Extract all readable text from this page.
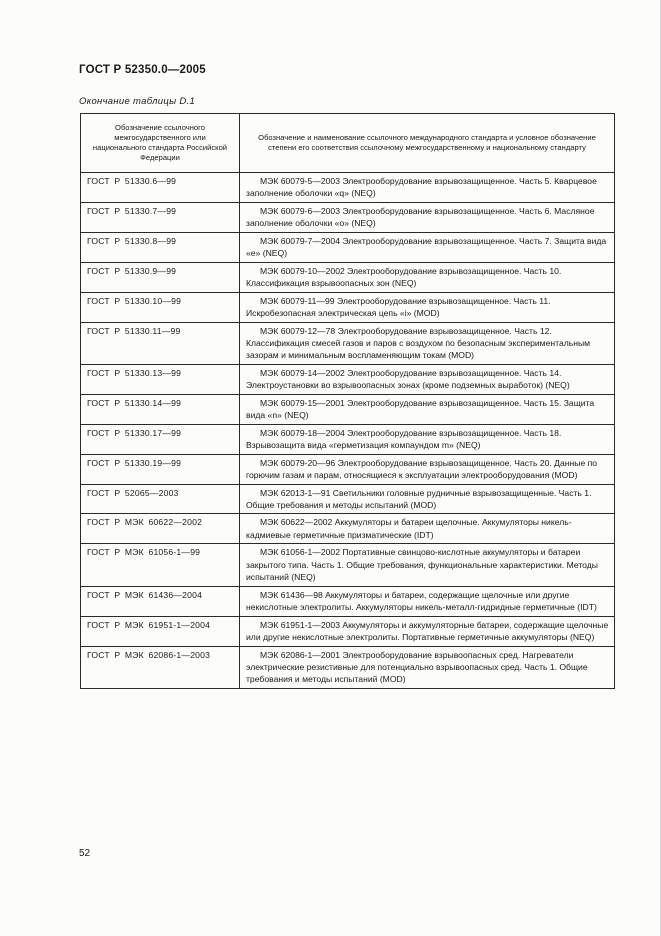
ГОСТ Р 52350.0—2005
Окончание таблицы D.1
Обозначение ссылочного межгосударственного или национального стандарта Российской Федерации	Обозначение и наименование ссылочного международного стандарта и условное обозначение степени его соответствия ссылочному межгосударственному и национальному стандарту
ГОСТ Р 51330.6—99	МЭК 60079-5—2003 Электрооборудование взрывозащищенное. Часть 5. Кварцевое заполнение оболочки «q» (NEQ)
ГОСТ Р 51330.7—99	МЭК 60079-6—2003 Электрооборудование взрывозащищенное. Часть 6. Масляное заполнение оболочки «о» (NEQ)
ГОСТ Р 51330.8—99	МЭК 60079-7—2004 Электрооборудование взрывозащищенное. Часть 7. Защита вида «е» (NEQ)
ГОСТ Р 51330.9—99	МЭК 60079-10—2002 Электрооборудование взрывозащищенное. Часть 10. Классификация взрывоопасных зон (NEQ)
ГОСТ Р 51330.10—99	МЭК 60079-11—99 Электрооборудование взрывозащищенное. Часть 11. Искробезопасная электрическая цепь «i» (MOD)
ГОСТ Р 51330.11—99	МЭК 60079-12—78 Электрооборудование взрывозащищенное. Часть 12. Классификация смесей газов и паров с воздухом по безопасным экспериментальным зазорам и минимальным воспламеняющим токам (MOD)
ГОСТ Р 51330.13—99	МЭК 60079-14—2002 Электрооборудование взрывозащищенное. Часть 14. Электроустановки во взрывоопасных зонах (кроме подземных выработок) (NEQ)
ГОСТ Р 51330.14—99	МЭК 60079-15—2001 Электрооборудование взрывозащищенное. Часть 15. Защита вида «n» (NEQ)
ГОСТ Р 51330.17—99	МЭК 60079-18—2004 Электрооборудование взрывозащищенное. Часть 18. Взрывозащита вида «герметизация компаундом m» (NEQ)
ГОСТ Р 51330.19—99	МЭК 60079-20—96 Электрооборудование взрывозащищенное. Часть 20. Данные по горючим газам и парам, относящиеся к эксплуатации электрооборудования (MOD)
ГОСТ Р 52065—2003	МЭК 62013-1—91 Светильники головные рудничные взрывозащищенные. Часть 1. Общие требования и методы испытаний (MOD)
ГОСТ Р МЭК 60622—2002	МЭК 60622—2002 Аккумуляторы и батареи щелочные. Аккумуляторы никель-кадмиевые герметичные призматические (IDT)
ГОСТ Р МЭК 61056-1—99	МЭК 61056-1—2002 Портативные свинцово-кислотные аккумуляторы и батареи закрытого типа. Часть 1. Общие требования, функциональные характеристики. Методы испытаний (NEQ)
ГОСТ Р МЭК 61436—2004	МЭК 61436—98 Аккумуляторы и батареи, содержащие щелочные или другие некислотные электролиты. Аккумуляторы никель-металл-гидридные герметичные (IDT)
ГОСТ Р МЭК 61951-1—2004	МЭК 61951-1—2003 Аккумуляторы и аккумуляторные батареи, содержащие щелочные или другие некислотные электролиты. Портативные герметичные аккумуляторы (NEQ)
ГОСТ Р МЭК 62086-1—2003	МЭК 62086-1—2001 Электрооборудование взрывоопасных сред. Нагреватели электрические резистивные для потенциально взрывоопасных сред. Часть 1. Общие требования и методы испытаний (MOD)
52
